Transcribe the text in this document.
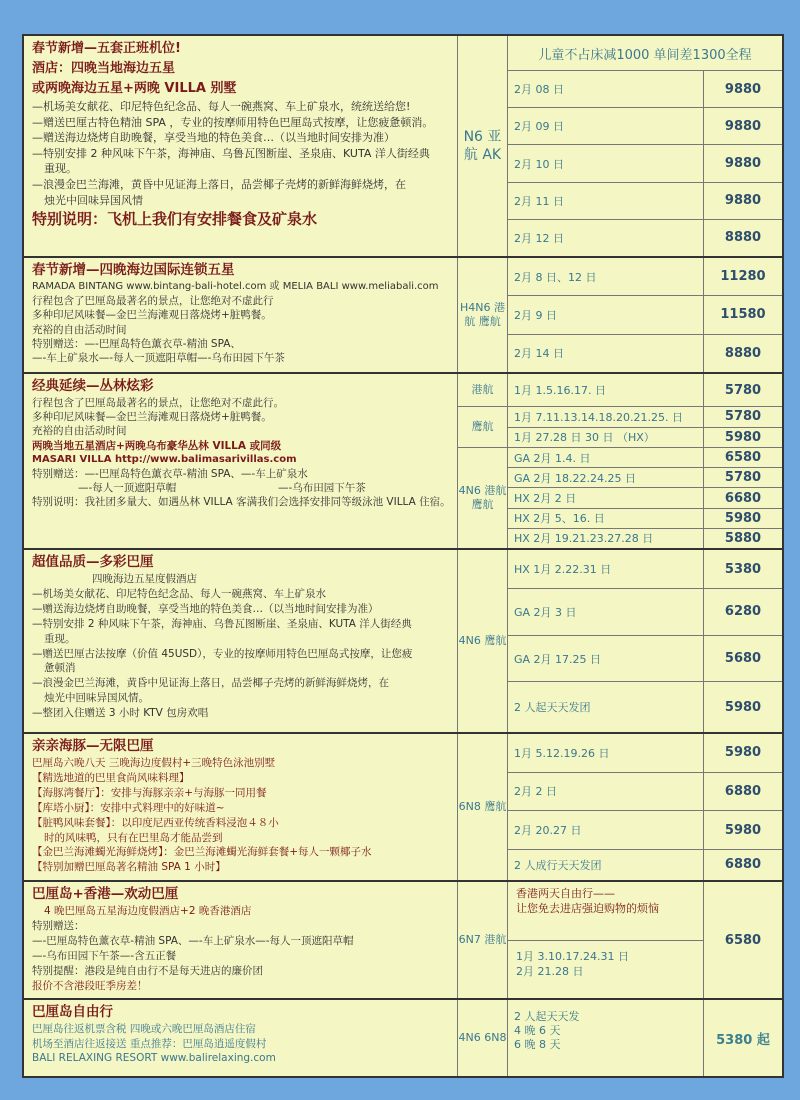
春节新增—五套正班机位!
酒店：四晚当地海边五星
或两晚海边五星+两晚 VILLA 别墅
—机场美女献花、印尼特色纪念品、每人一碗燕窝、车上矿泉水，统统送给您!
—赠送巴厘古特色精油 SPA ，专业的按摩师用特色巴厘岛式按摩，让您疲惫顿消。
—赠送海边烧烤自助晚餐，享受当地的特色美食…（以当地时间安排为准）
—特别安排 2 种风味下午茶，海神庙、乌鲁瓦图断崖、圣泉庙、KUTA 洋人街经典
重现。
—浪漫金巴兰海滩，黄昏中见证海上落日，品尝椰子壳烤的新鲜海鲜烧烤，在
烛光中回味异国风情
特别说明：飞机上我们有安排餐食及矿泉水
N6 亚航 AK
儿童不占床减1000 单间差1300全程
2月 08 日	9880
2月 09 日	9880
2月 10 日	9880
2月 11 日	9880
2月 12 日	8880
春节新增—四晚海边国际连锁五星
RAMADA BINTANG www.bintang-bali-hotel.com 或 MELIA BALI www.meliabali.com
行程包含了巴厘岛最著名的景点，让您绝对不虚此行
多种印尼风味餐—金巴兰海滩观日落烧烤+脏鸭餐。
充裕的自由活动时间
特别赠送：—-巴厘岛特色薰衣草-精油 SPA、
—-车上矿泉水—-每人一顶遮阳草帽—-乌布田园下午茶
H4N6 港航 鹰航
2月 8 日、12 日	11280
2月 9 日	11580
2月 14 日	8880
经典延续—丛林炫彩
行程包含了巴厘岛最著名的景点，让您绝对不虚此行。
多种印尼风味餐—金巴兰海滩观日落烧烤+脏鸭餐。
充裕的自由活动时间
两晚当地五星酒店+两晚乌布豪华丛林 VILLA 或同级
MASARI VILLA http://www.balimasarivillas.com
特别赠送：—-巴厘岛特色薰衣草-精油 SPA、—-车上矿泉水
—-每人一顶遮阳草帽	—-乌布田园下午茶
特别说明：我社团多量大、如遇丛林 VILLA 客满我们会选择安排同等级泳池 VILLA 住宿。
港航	1月 1.5.16.17. 日	5780
鹰航
1月 7.11.13.14.18.20.21.25. 日	5780
1月 27.28 日 30 日 （HX）	5980
4N6 港航 鹰航
GA 2月 1.4. 日	6580
GA 2月 18.22.24.25 日	5780
HX 2月 2 日	6680
HX 2月 5、16. 日	5980
HX 2月 19.21.23.27.28 日	5880
超值品质—多彩巴厘
四晚海边五星度假酒店
—机场美女献花、印尼特色纪念品、每人一碗燕窝、车上矿泉水
—赠送海边烧烤自助晚餐，享受当地的特色美食…（以当地时间安排为准）
—特别安排 2 种风味下午茶，海神庙、乌鲁瓦图断崖、圣泉庙、KUTA 洋人街经典
重现。
—赠送巴厘古法按摩（价值 45USD），专业的按摩师用特色巴厘岛式按摩，让您疲
惫顿消
—浪漫金巴兰海滩，黄昏中见证海上落日，品尝椰子壳烤的新鲜海鲜烧烤，在
烛光中回味异国风情。
—整团入住赠送 3 小时 KTV 包房欢唱
4N6 鹰航
HX 1月 2.22.31 日	5380
GA 2月 3 日	6280
GA 2月 17.25 日	5680
2 人起天天发团	5980
亲亲海豚—无限巴厘
巴厘岛六晚八天 三晚海边度假村+三晚特色泳池别墅
【精选地道的巴里食尚风味料理】
【海豚湾餐厅】：安排与海豚亲亲+与海豚一同用餐
【库塔小厨】：安排中式料理中的好味道~
【脏鸭风味套餐】：以印度尼西亚传统香料浸泡４８小
时的风味鸭，只有在巴里岛才能品尝到
【金巴兰海滩蠋光海鲜烧烤】：金巴兰海滩蠋光海鲜套餐+每人一颗椰子水
【特别加赠巴厘岛著名精油 SPA 1 小时】
6N8 鹰航
1月 5.12.19.26 日	5980
2月 2 日	6880
2月 20.27 日	5980
2 人成行天天发团	6880
巴厘岛+香港—欢动巴厘
4 晚巴厘岛五星海边度假酒店+2 晚香港酒店
特别赠送：
—-巴厘岛特色薰衣草-精油 SPA、—-车上矿泉水—-每人一顶遮阳草帽
—-乌布田园下午茶—-含五正餐
特别提醒：港段是纯自由行不是每天进店的廉价团
报价不含港段旺季房差！
6N7 港航
香港两天自由行——
让您免去进店强迫购物的烦恼
1月 3.10.17.24.31 日
2月 21.28 日
6580
巴厘岛自由行
巴厘岛往返机票含税 四晚或六晚巴厘岛酒店住宿
机场至酒店往返接送 重点推荐：巴厘岛逍遥度假村
BALI RELAXING RESORT www.balirelaxing.com
4N6 6N8
2 人起天天发
4 晚 6 天
6 晚 8 天	5380 起
